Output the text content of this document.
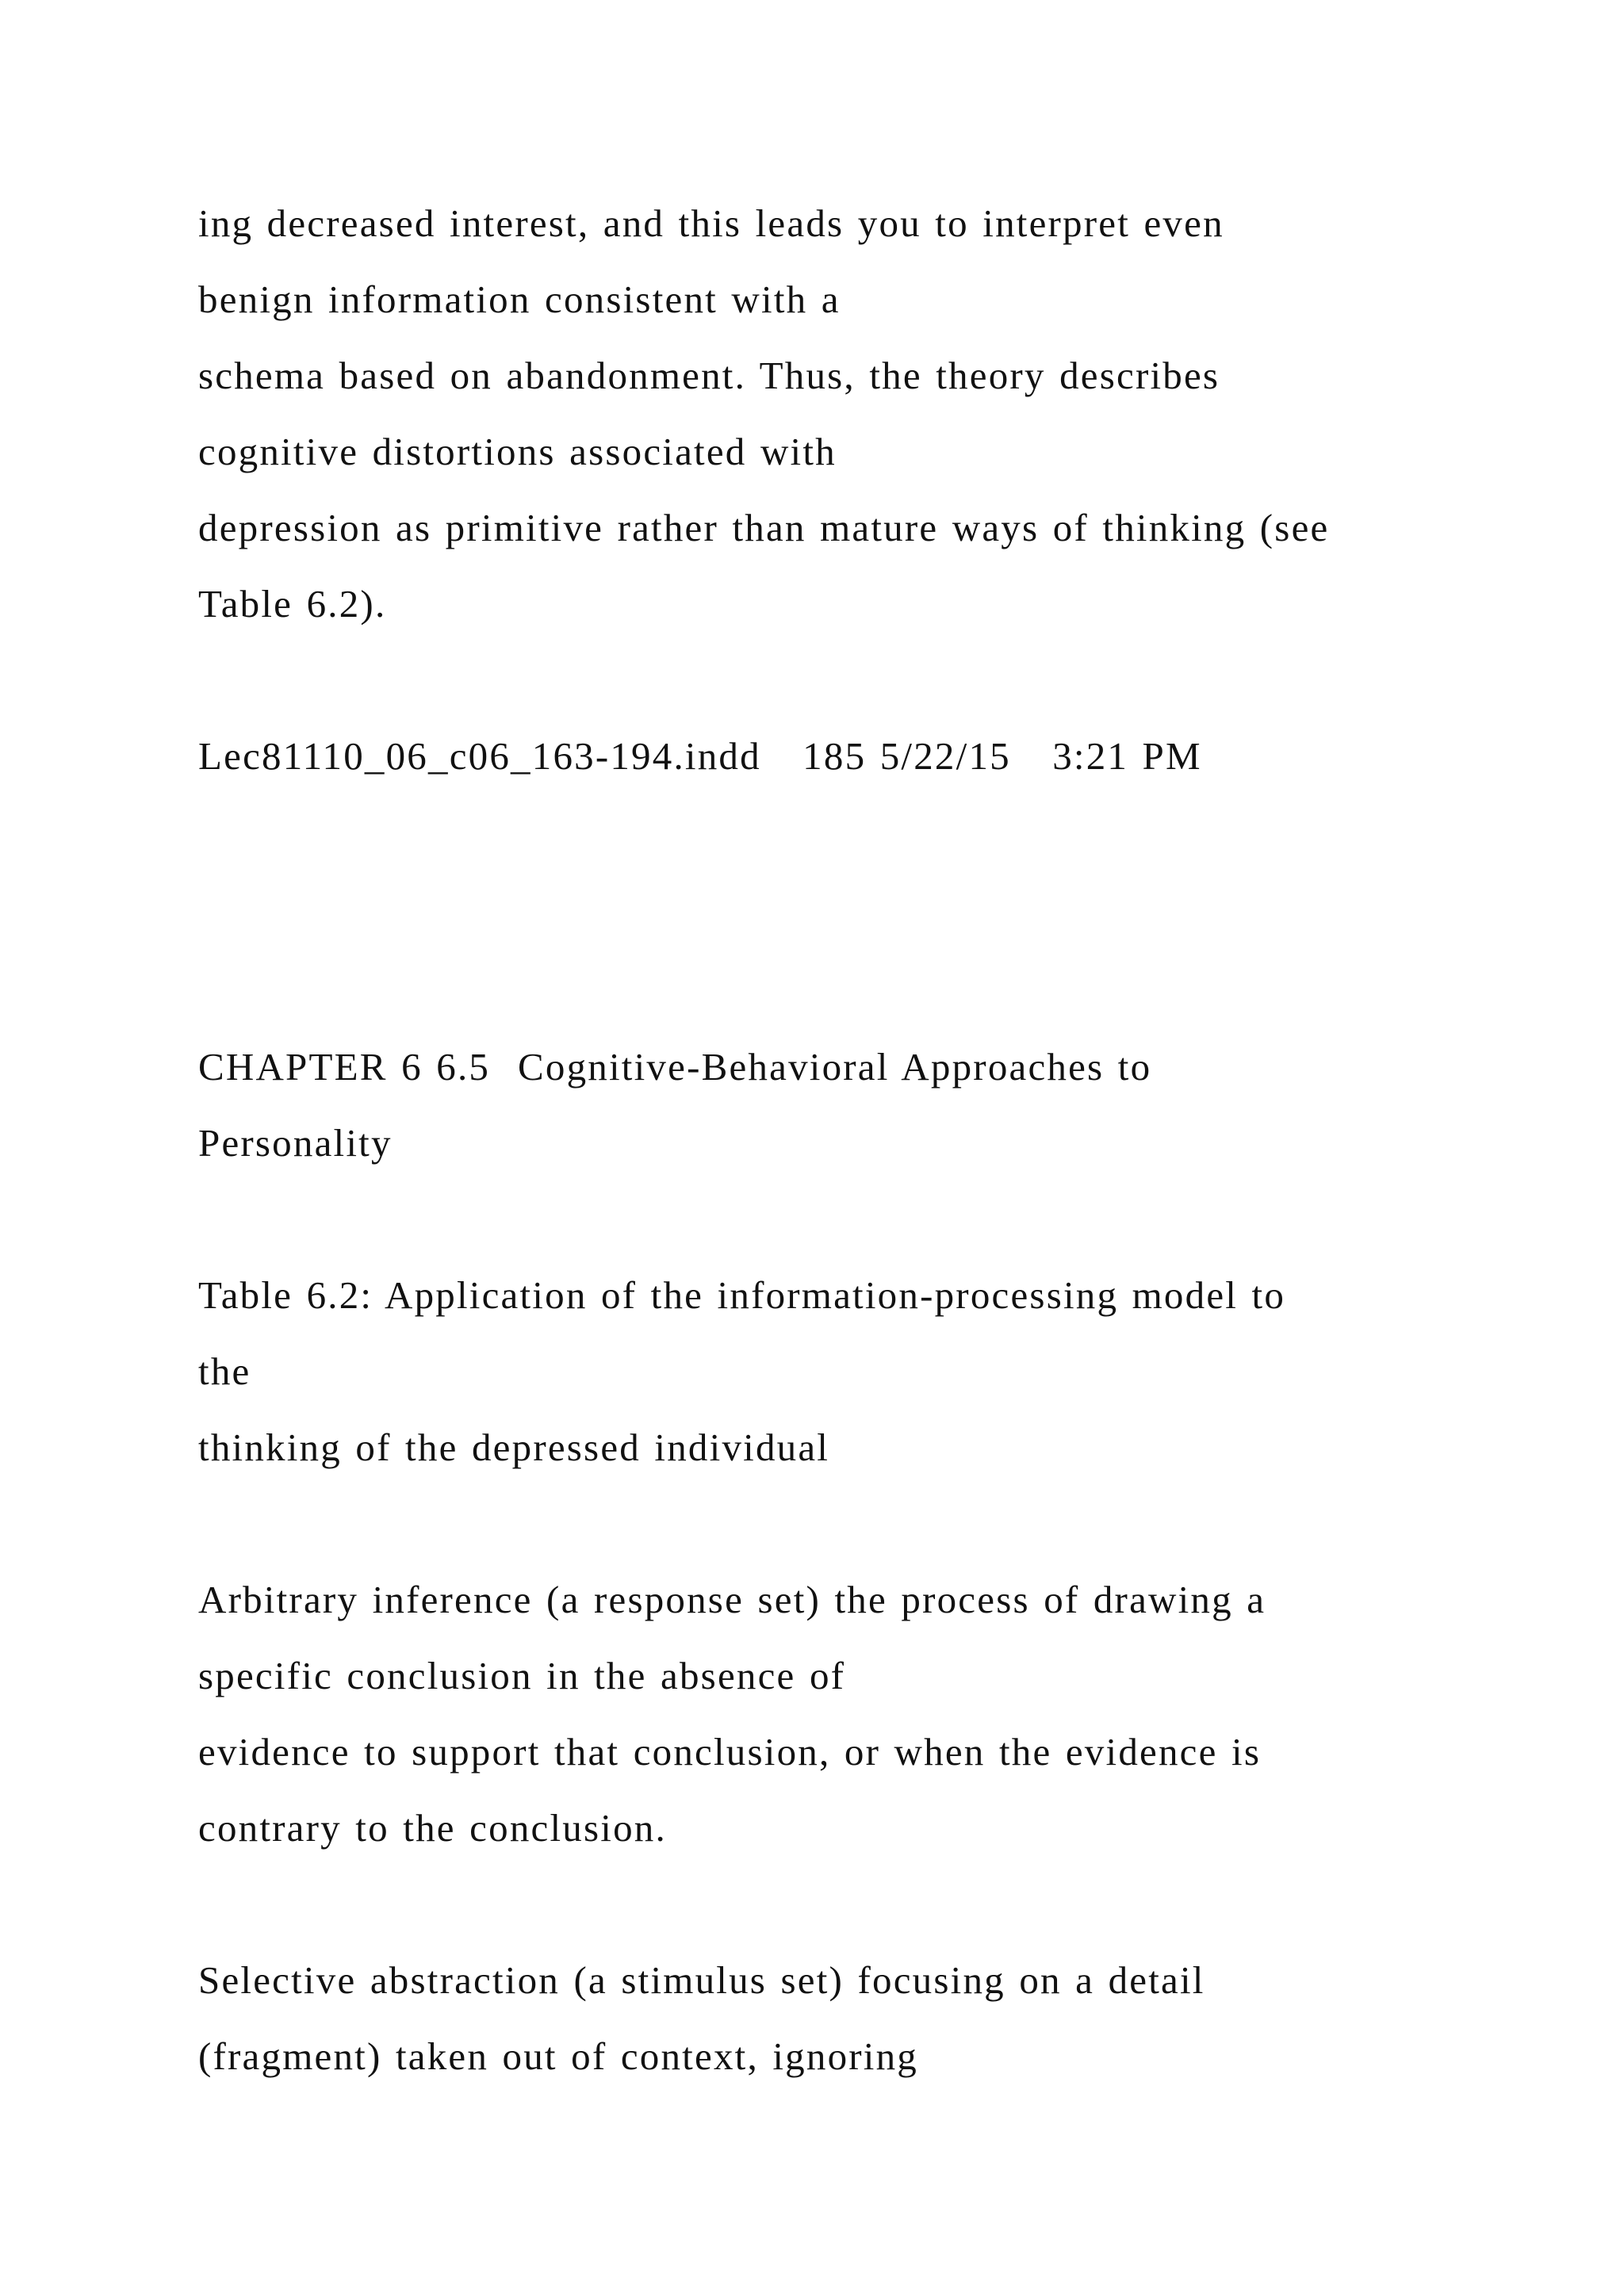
ing decreased interest, and this leads you to interpret even

benign information consistent with a

schema based on abandonment. Thus, the theory describes

cognitive distortions associated with

depression as primitive rather than mature ways of thinking (see

Table 6.2).

Lec81110_06_c06_163-194.indd   185 5/22/15   3:21 PM

CHAPTER 6 6.5  Cognitive-Behavioral Approaches to

Personality

Table 6.2: Application of the information-processing model to

the

thinking of the depressed individual

Arbitrary inference (a response set) the process of drawing a

specific conclusion in the absence of

evidence to support that conclusion, or when the evidence is

contrary to the conclusion.

Selective abstraction (a stimulus set) focusing on a detail

(fragment) taken out of context, ignoring
